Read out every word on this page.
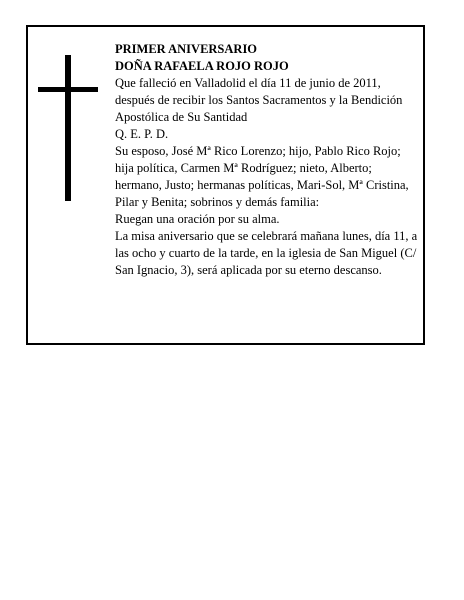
PRIMER ANIVERSARIO

DOÑA RAFAELA ROJO ROJO

Que falleció en Valladolid el día 11 de junio de 2011, después de recibir los Santos Sacramentos y la Bendición Apostólica de Su Santidad

Q. E. P. D.

Su esposo, José Mª Rico Lorenzo; hijo, Pablo Rico Rojo; hija política, Carmen Mª Rodríguez; nieto, Alberto; hermano, Justo; hermanas políticas, Mari-Sol, Mª Cristina, Pilar y Benita; sobrinos y demás familia:

Ruegan una oración por su alma.

La misa aniversario que se celebrará mañana lunes, día 11, a las ocho y cuarto de la tarde, en la iglesia de San Miguel (C/ San Ignacio, 3), será aplicada por su eterno descanso.
